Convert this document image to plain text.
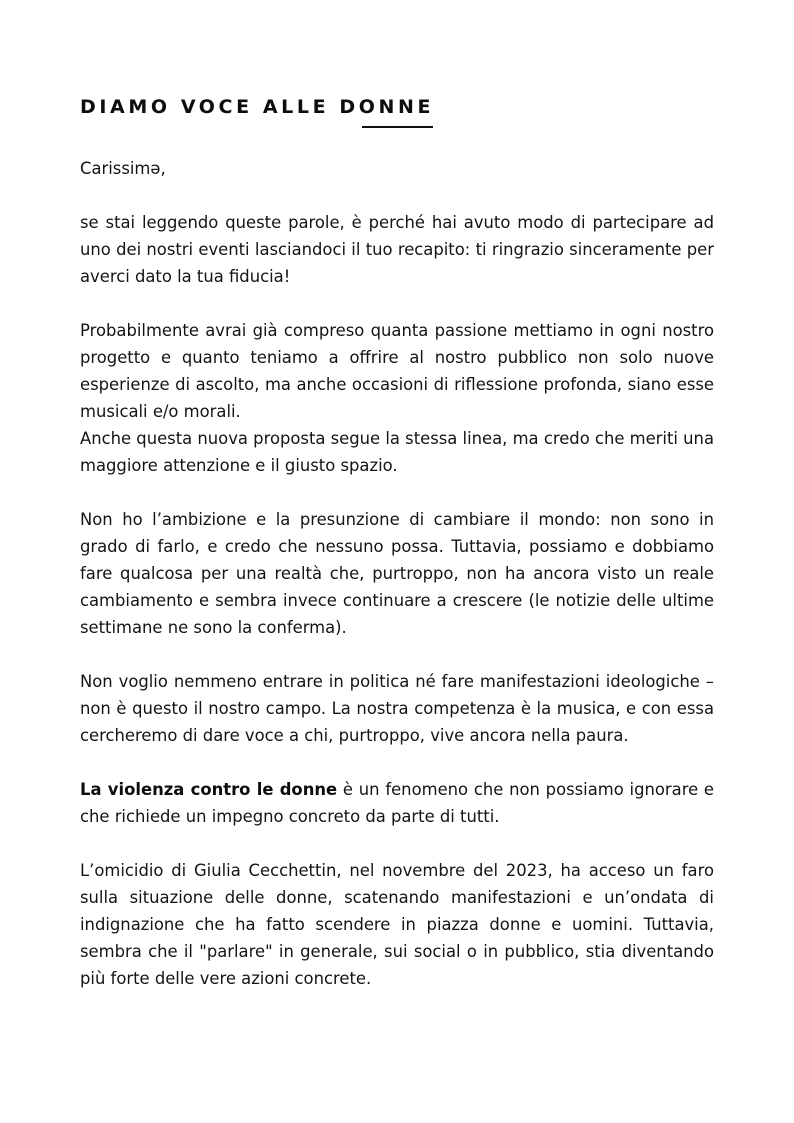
DIAMO VOCE ALLE DONNE

Carissimə,

se stai leggendo queste parole, è perché hai avuto modo di partecipare ad uno dei nostri eventi lasciandoci il tuo recapito: ti ringrazio sinceramente per averci dato la tua fiducia!

Probabilmente avrai già compreso quanta passione mettiamo in ogni nostro progetto e quanto teniamo a offrire al nostro pubblico non solo nuove esperienze di ascolto, ma anche occasioni di riflessione profonda, siano esse musicali e/o morali.

Anche questa nuova proposta segue la stessa linea, ma credo che meriti una maggiore attenzione e il giusto spazio.

Non ho l’ambizione e la presunzione di cambiare il mondo: non sono in grado di farlo, e credo che nessuno possa. Tuttavia, possiamo e dobbiamo fare qualcosa per una realtà che, purtroppo, non ha ancora visto un reale cambiamento e sembra invece continuare a crescere (le notizie delle ultime settimane ne sono la conferma).

Non voglio nemmeno entrare in politica né fare manifestazioni ideologiche – non è questo il nostro campo. La nostra competenza è la musica, e con essa cercheremo di dare voce a chi, purtroppo, vive ancora nella paura.

La violenza contro le donne è un fenomeno che non possiamo ignorare e che richiede un impegno concreto da parte di tutti.

L’omicidio di Giulia Cecchettin, nel novembre del 2023, ha acceso un faro sulla situazione delle donne, scatenando manifestazioni e un’ondata di indignazione che ha fatto scendere in piazza donne e uomini. Tuttavia, sembra che il "parlare" in generale, sui social o in pubblico, stia diventando più forte delle vere azioni concrete.
